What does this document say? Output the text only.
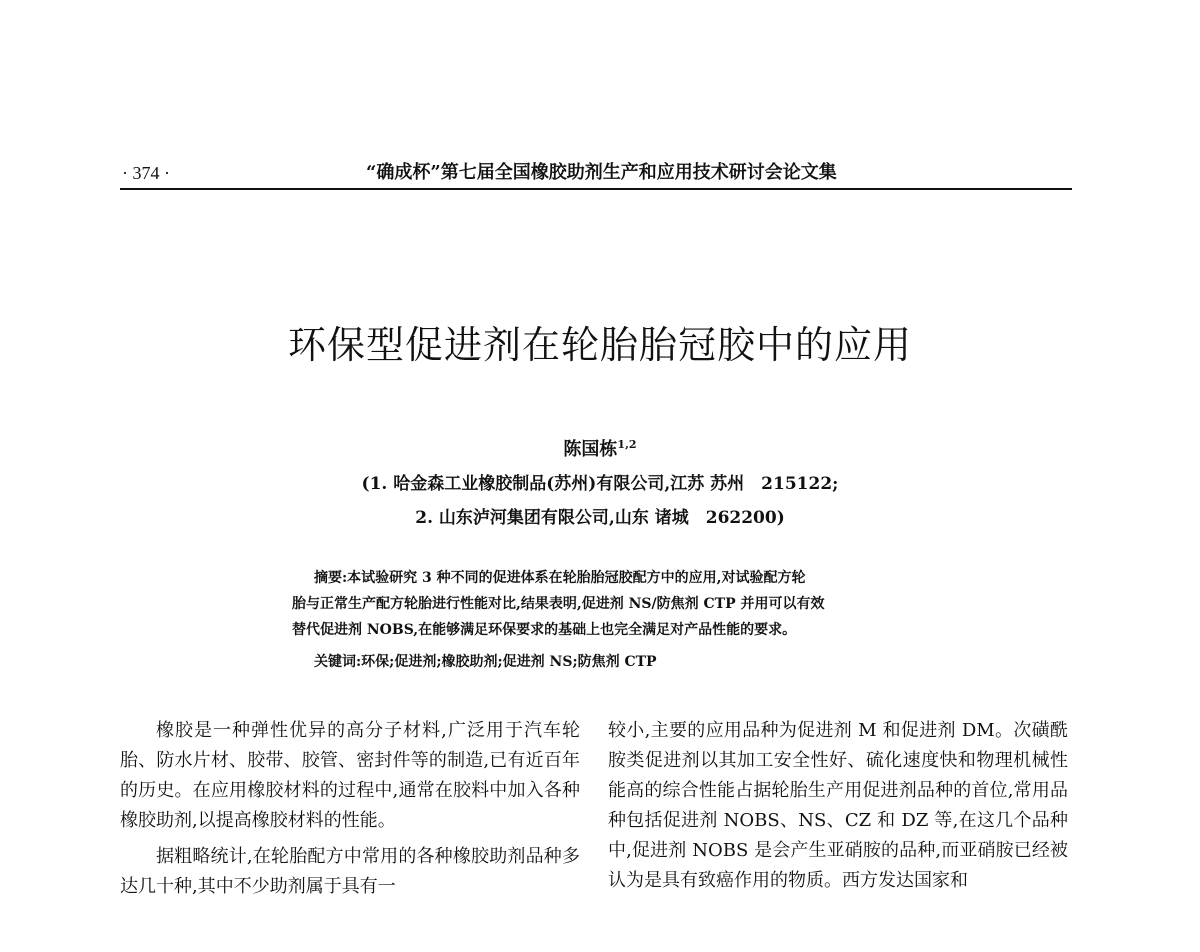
· 374 ·	“确成杯”第七届全国橡胶助剂生产和应用技术研讨会论文集
环保型促进剂在轮胎胎冠胶中的应用
陈国栋$^{1,2}$
(1. 哈金森工业橡胶制品(苏州)有限公司,江苏 苏州　215122;
2. 山东泸河集团有限公司,山东 诸城　262200)
摘要:本试验研究 3 种不同的促进体系在轮胎胎冠胶配方中的应用,对试验配方轮
胎与正常生产配方轮胎进行性能对比,结果表明,促进剂 NS/防焦剂 CTP 并用可以有效
替代促进剂 NOBS,在能够满足环保要求的基础上也完全满足对产品性能的要求。
关键词:环保;促进剂;橡胶助剂;促进剂 NS;防焦剂 CTP

橡胶是一种弹性优异的高分子材料,广泛用于汽车轮胎、防水片材、胶带、胶管、密封件等的制造,已有近百年的历史。在应用橡胶材料的过程中,通常在胶料中加入各种橡胶助剂,以提高橡胶材料的性能。

据粗略统计,在轮胎配方中常用的各种橡胶助剂品种多达几十种,其中不少助剂属于具有一

较小,主要的应用品种为促进剂 M 和促进剂 DM。次磺酰胺类促进剂以其加工安全性好、硫化速度快和物理机械性能高的综合性能占据轮胎生产用促进剂品种的首位,常用品种包括促进剂 NOBS、NS、CZ 和 DZ 等,在这几个品种中,促进剂 NOBS 是会产生亚硝胺的品种,而亚硝胺已经被认为是具有致癌作用的物质。西方发达国家和
